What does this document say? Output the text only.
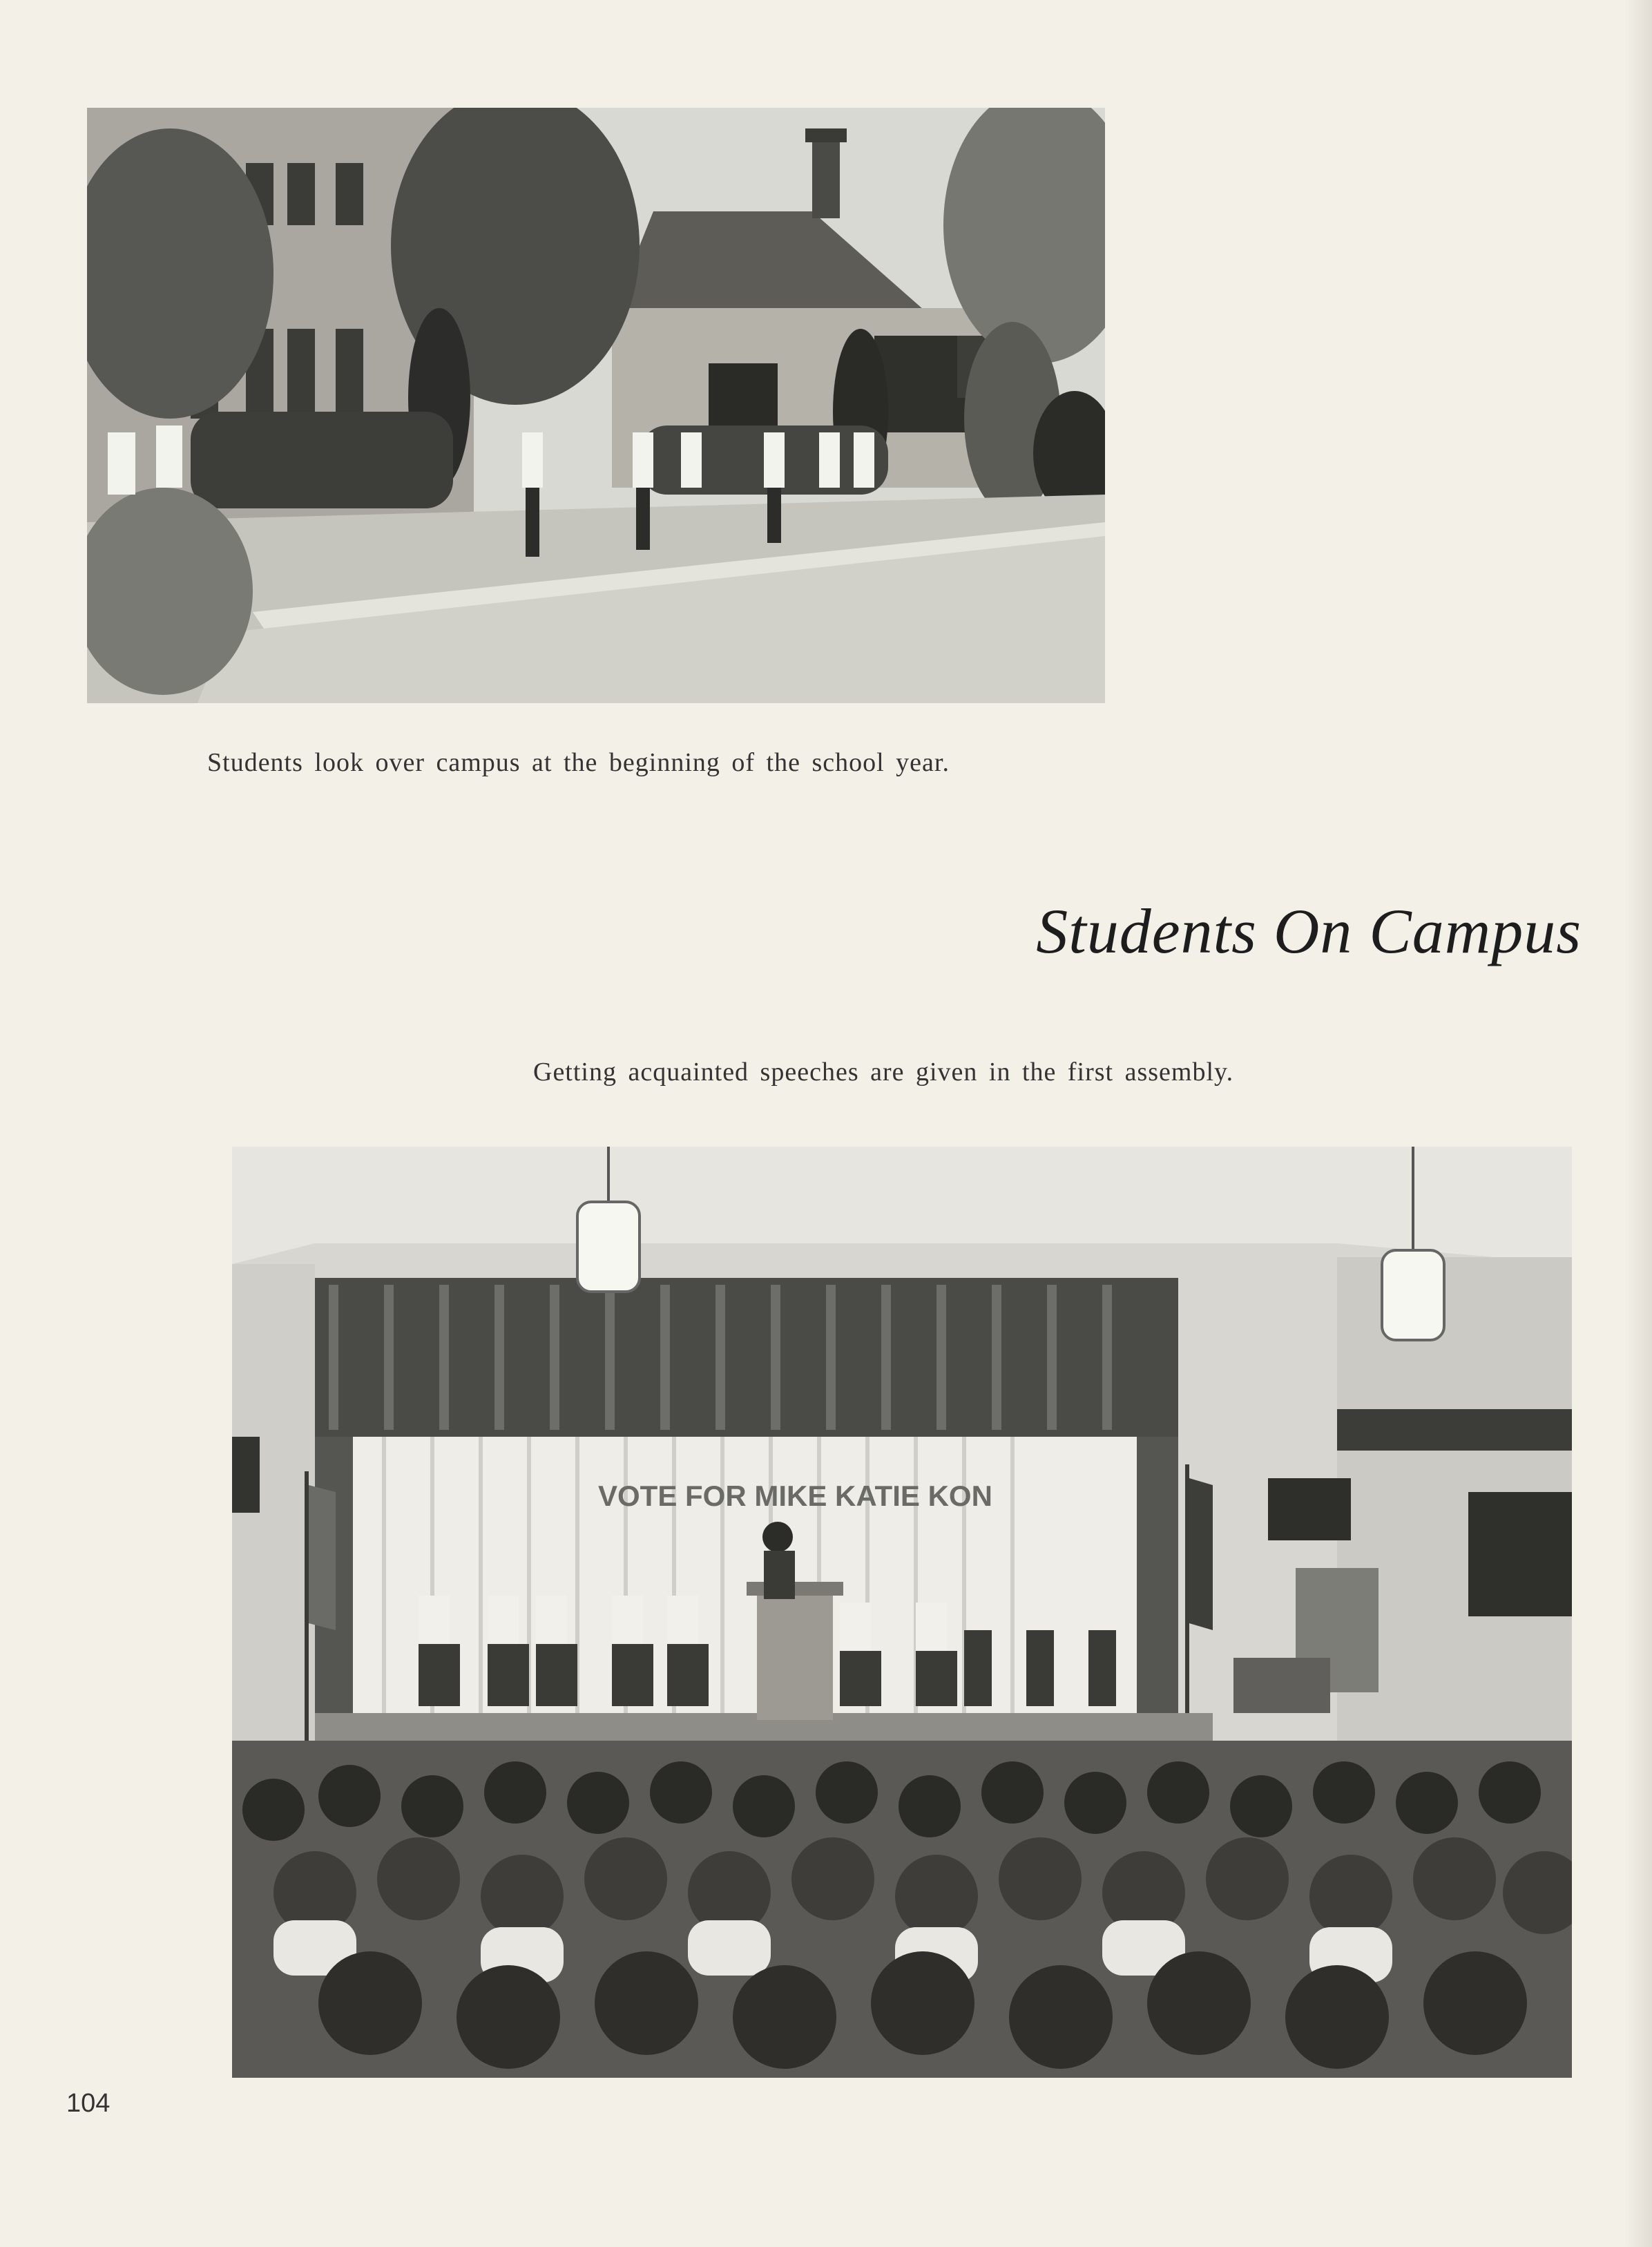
Students look over campus at the beginning of the school year.
Students On Campus
Getting acquainted speeches are given in the first assembly.
VOTE FOR MIKE KATIE KON
104
